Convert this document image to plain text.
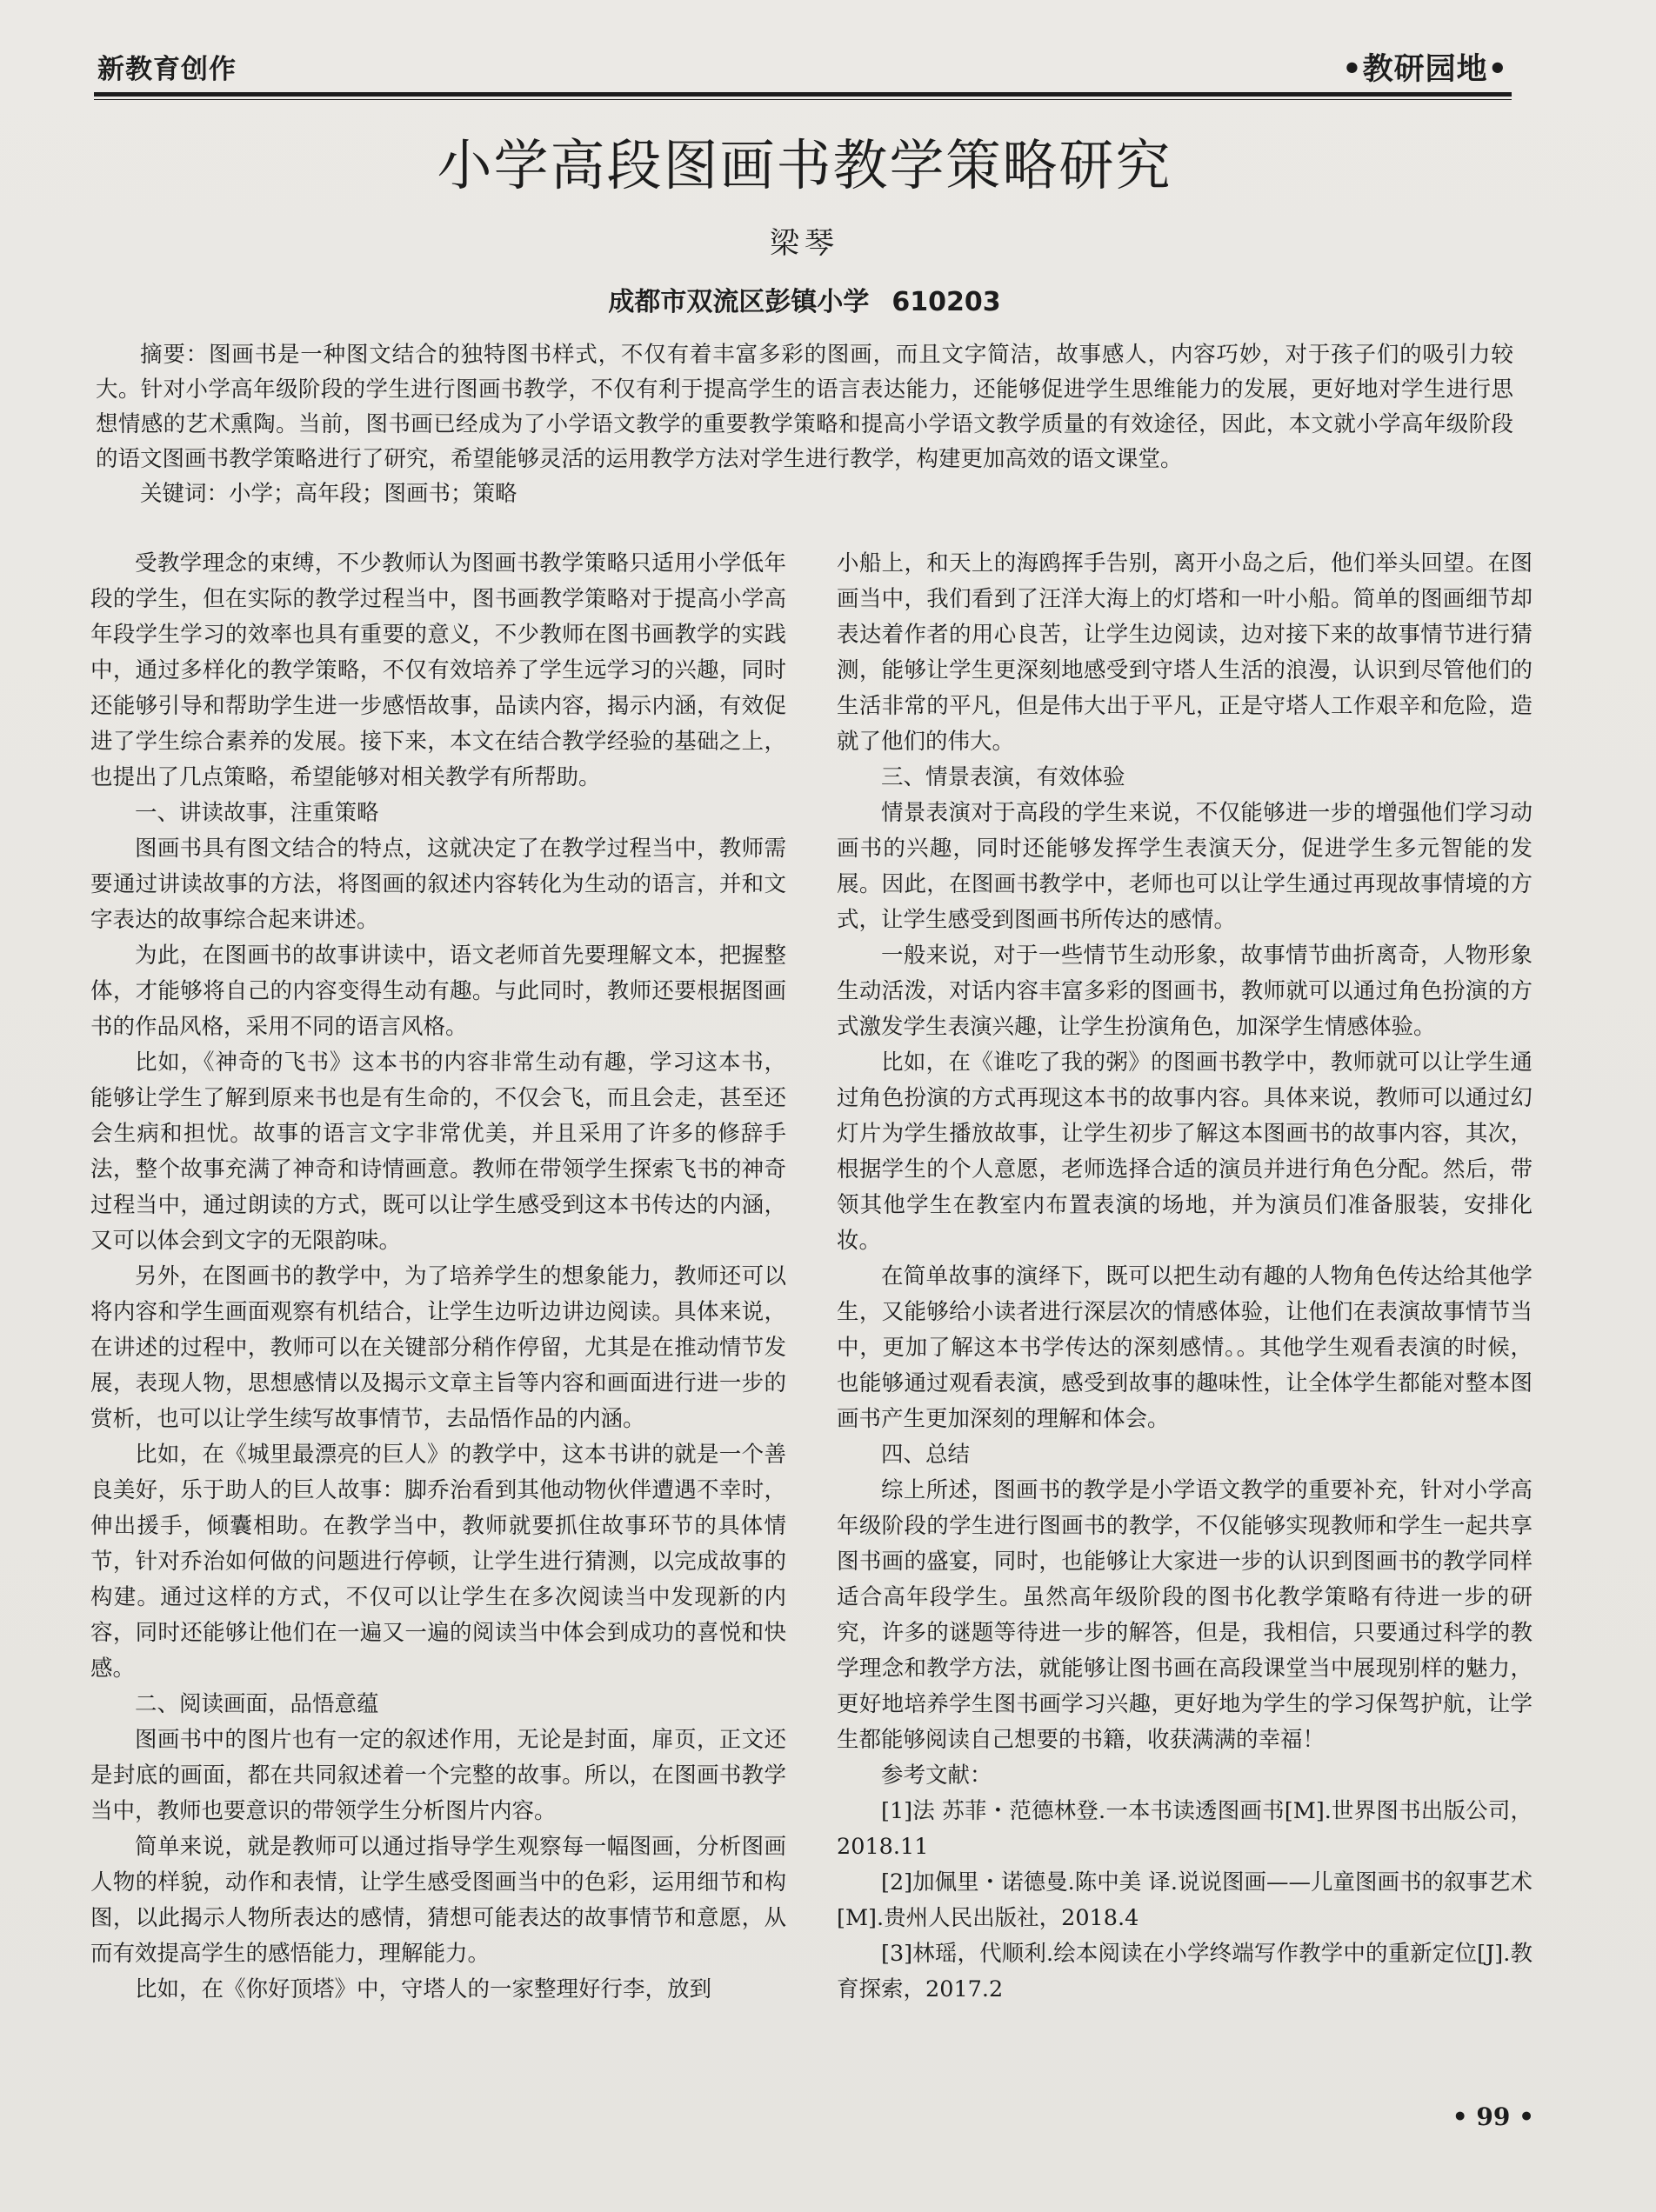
新教育创作	•教研园地•
小学高段图画书教学策略研究
梁琴
成都市双流区彭镇小学 610203

摘要：图画书是一种图文结合的独特图书样式，不仅有着丰富多彩的图画，而且文字简洁，故事感人，内容巧妙，对于孩子们的吸引力较大。针对小学高年级阶段的学生进行图画书教学，不仅有利于提高学生的语言表达能力，还能够促进学生思维能力的发展，更好地对学生进行思想情感的艺术熏陶。当前，图书画已经成为了小学语文教学的重要教学策略和提高小学语文教学质量的有效途径，因此，本文就小学高年级阶段的语文图画书教学策略进行了研究，希望能够灵活的运用教学方法对学生进行教学，构建更加高效的语文课堂。

关键词：小学；高年段；图画书；策略

受教学理念的束缚，不少教师认为图画书教学策略只适用小学低年段的学生，但在实际的教学过程当中，图书画教学策略对于提高小学高年段学生学习的效率也具有重要的意义，不少教师在图书画教学的实践中，通过多样化的教学策略，不仅有效培养了学生远学习的兴趣，同时还能够引导和帮助学生进一步感悟故事，品读内容，揭示内涵，有效促进了学生综合素养的发展。接下来，本文在结合教学经验的基础之上，也提出了几点策略，希望能够对相关教学有所帮助。

一、讲读故事，注重策略

图画书具有图文结合的特点，这就决定了在教学过程当中，教师需要通过讲读故事的方法，将图画的叙述内容转化为生动的语言，并和文字表达的故事综合起来讲述。

为此，在图画书的故事讲读中，语文老师首先要理解文本，把握整体，才能够将自己的内容变得生动有趣。与此同时，教师还要根据图画书的作品风格，采用不同的语言风格。

比如，《神奇的飞书》这本书的内容非常生动有趣，学习这本书，能够让学生了解到原来书也是有生命的，不仅会飞，而且会走，甚至还会生病和担忧。故事的语言文字非常优美，并且采用了许多的修辞手法，整个故事充满了神奇和诗情画意。教师在带领学生探索飞书的神奇过程当中，通过朗读的方式，既可以让学生感受到这本书传达的内涵，又可以体会到文字的无限韵味。

另外，在图画书的教学中，为了培养学生的想象能力，教师还可以将内容和学生画面观察有机结合，让学生边听边讲边阅读。具体来说，在讲述的过程中，教师可以在关键部分稍作停留，尤其是在推动情节发展，表现人物，思想感情以及揭示文章主旨等内容和画面进行进一步的赏析，也可以让学生续写故事情节，去品悟作品的内涵。

比如，在《城里最漂亮的巨人》的教学中，这本书讲的就是一个善良美好，乐于助人的巨人故事：脚乔治看到其他动物伙伴遭遇不幸时，伸出援手，倾囊相助。在教学当中，教师就要抓住故事环节的具体情节，针对乔治如何做的问题进行停顿，让学生进行猜测，以完成故事的构建。通过这样的方式，不仅可以让学生在多次阅读当中发现新的内容，同时还能够让他们在一遍又一遍的阅读当中体会到成功的喜悦和快感。

二、阅读画面，品悟意蕴

图画书中的图片也有一定的叙述作用，无论是封面，扉页，正文还是封底的画面，都在共同叙述着一个完整的故事。所以，在图画书教学当中，教师也要意识的带领学生分析图片内容。

简单来说，就是教师可以通过指导学生观察每一幅图画，分析图画人物的样貌，动作和表情，让学生感受图画当中的色彩，运用细节和构图，以此揭示人物所表达的感情，猜想可能表达的故事情节和意愿，从而有效提高学生的感悟能力，理解能力。

比如，在《你好顶塔》中，守塔人的一家整理好行李，放到

小船上，和天上的海鸥挥手告别，离开小岛之后，他们举头回望。在图画当中，我们看到了汪洋大海上的灯塔和一叶小船。简单的图画细节却表达着作者的用心良苦，让学生边阅读，边对接下来的故事情节进行猜测，能够让学生更深刻地感受到守塔人生活的浪漫，认识到尽管他们的生活非常的平凡，但是伟大出于平凡，正是守塔人工作艰辛和危险，造就了他们的伟大。

三、情景表演，有效体验

情景表演对于高段的学生来说，不仅能够进一步的增强他们学习动画书的兴趣，同时还能够发挥学生表演天分，促进学生多元智能的发展。因此，在图画书教学中，老师也可以让学生通过再现故事情境的方式，让学生感受到图画书所传达的感情。

一般来说，对于一些情节生动形象，故事情节曲折离奇，人物形象生动活泼，对话内容丰富多彩的图画书，教师就可以通过角色扮演的方式激发学生表演兴趣，让学生扮演角色，加深学生情感体验。

比如，在《谁吃了我的粥》的图画书教学中，教师就可以让学生通过角色扮演的方式再现这本书的故事内容。具体来说，教师可以通过幻灯片为学生播放故事，让学生初步了解这本图画书的故事内容，其次，根据学生的个人意愿，老师选择合适的演员并进行角色分配。然后，带领其他学生在教室内布置表演的场地，并为演员们准备服装，安排化妆。

在简单故事的演绎下，既可以把生动有趣的人物角色传达给其他学生，又能够给小读者进行深层次的情感体验，让他们在表演故事情节当中，更加了解这本书学传达的深刻感情。。其他学生观看表演的时候，也能够通过观看表演，感受到故事的趣味性，让全体学生都能对整本图画书产生更加深刻的理解和体会。

四、总结

综上所述，图画书的教学是小学语文教学的重要补充，针对小学高年级阶段的学生进行图画书的教学，不仅能够实现教师和学生一起共享图书画的盛宴，同时，也能够让大家进一步的认识到图画书的教学同样适合高年段学生。虽然高年级阶段的图书化教学策略有待进一步的研究，许多的谜题等待进一步的解答，但是，我相信，只要通过科学的教学理念和教学方法，就能够让图书画在高段课堂当中展现别样的魅力，更好地培养学生图书画学习兴趣，更好地为学生的学习保驾护航，让学生都能够阅读自己想要的书籍，收获满满的幸福！

参考文献：

[1]法 苏菲・范德林登.一本书读透图画书[M].世界图书出版公司，2018.11

[2]加佩里・诺德曼.陈中美 译.说说图画——儿童图画书的叙事艺术[M].贵州人民出版社，2018.4

[3]林瑶，代顺利.绘本阅读在小学终端写作教学中的重新定位[J].教育探索，2017.2

• 99 •
